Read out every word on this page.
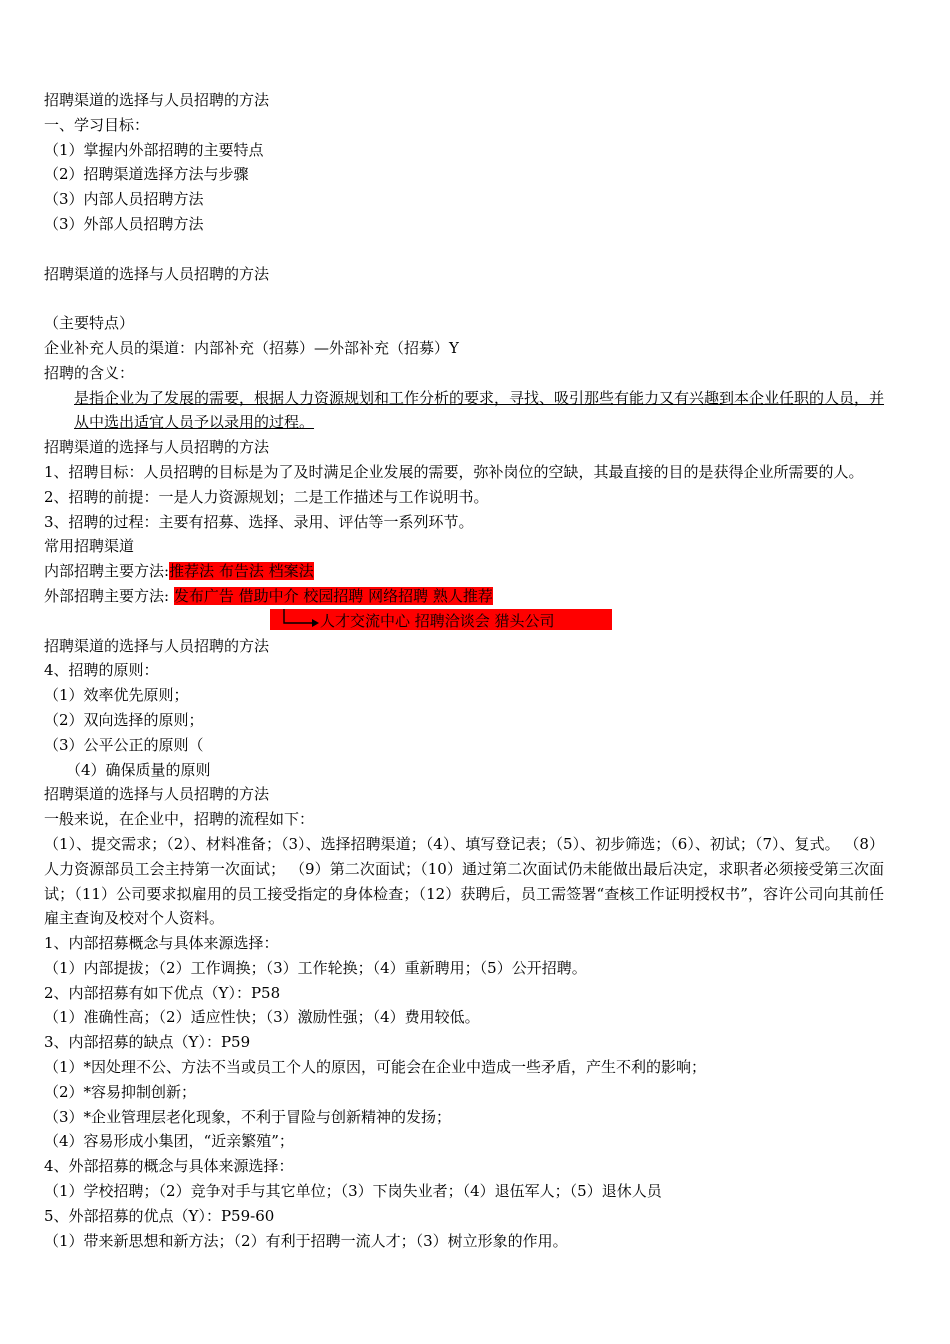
招聘渠道的选择与人员招聘的方法
一、学习目标：
（1）掌握内外部招聘的主要特点
（2）招聘渠道选择方法与步骤
（3）内部人员招聘方法
（3）外部人员招聘方法
招聘渠道的选择与人员招聘的方法
（主要特点）
企业补充人员的渠道：内部补充（招募）—外部补充（招募）Y
招聘的含义：
是指企业为了发展的需要，根据人力资源规划和工作分析的要求，寻找、吸引那些有能力又有兴趣到本企业任职的人员，并从中选出适宜人员予以录用的过程。
招聘渠道的选择与人员招聘的方法
1、招聘目标：人员招聘的目标是为了及时满足企业发展的需要，弥补岗位的空缺，其最直接的目的是获得企业所需要的人。
2、招聘的前提：一是人力资源规划；二是工作描述与工作说明书。
3、招聘的过程：主要有招募、选择、录用、评估等一系列环节。
常用招聘渠道
内部招聘主要方法:推荐法 布告法 档案法
外部招聘主要方法: 发布广告 借助中介 校园招聘 网络招聘 熟人推荐
人才交流中心 招聘洽谈会 猎头公司
招聘渠道的选择与人员招聘的方法
4、招聘的原则：
（1）效率优先原则；
（2）双向选择的原则；
（3）公平公正的原则（
（4）确保质量的原则
招聘渠道的选择与人员招聘的方法
一般来说，在企业中，招聘的流程如下：
（1）、提交需求；（2）、材料准备；（3）、选择招聘渠道；（4）、填写登记表；（5）、初步筛选；（6）、初试；（7）、复式。 （8）人力资源部员工会主持第一次面试； （9）第二次面试；（10）通过第二次面试仍未能做出最后决定，求职者必须接受第三次面试；（11）公司要求拟雇用的员工接受指定的身体检查；（12）获聘后，员工需签署“查核工作证明授权书”，容许公司向其前任雇主查询及校对个人资料。
1、内部招募概念与具体来源选择：
（1）内部提拔；（2）工作调换；（3）工作轮换；（4）重新聘用；（5）公开招聘。
2、内部招募有如下优点（Y）：P58
（1）准确性高；（2）适应性快；（3）激励性强；（4）费用较低。
3、内部招募的缺点（Y）：P59
（1）*因处理不公、方法不当或员工个人的原因，可能会在企业中造成一些矛盾，产生不利的影响；
（2）*容易抑制创新；
（3）*企业管理层老化现象，不利于冒险与创新精神的发扬；
（4）容易形成小集团，“近亲繁殖”；
4、外部招募的概念与具体来源选择：
（1）学校招聘；（2）竞争对手与其它单位；（3）下岗失业者；（4）退伍军人；（5）退休人员
5、外部招募的优点（Y）：P59-60
（1）带来新思想和新方法；（2）有利于招聘一流人才；（3）树立形象的作用。
